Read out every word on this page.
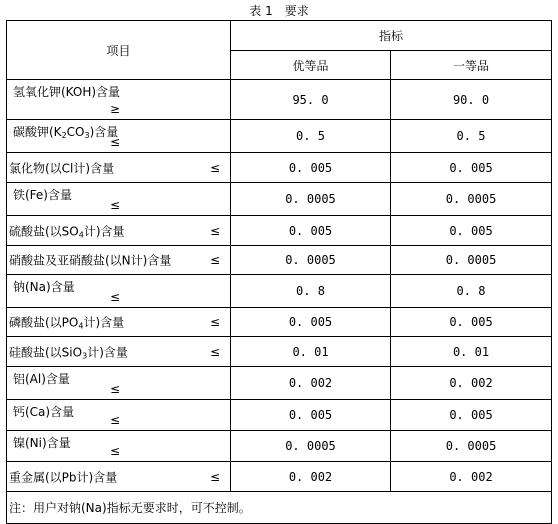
表 1　要求
项目	指标	
	优等品	一等品

氢氧化钾(KOH)含量
≥	95. 0	90. 0

碳酸钾$(K_2CO_3)$含量
≤	0. 5	0. 5

氯化物(以Cl计)含量 ≤	0. 005	0. 005

铁(Fe)含量
≤	0. 0005	0. 0005

硫酸盐(以$SO_4$计)含量 ≤	0. 005	0. 005

硝酸盐及亚硝酸盐(以N计)含量 ≤	0. 0005	0. 0005

钠(Na)含量
≤	0. 8	0. 8

磷酸盐(以$PO_4$计)含量 ≤	0. 005	0. 005

硅酸盐(以SiO$_3$计)含量 ≤	0. 01	0. 01

铝(Al)含量
≤	0. 002	0. 002

钙(Ca)含量
≤	0. 005	0. 005

镍(Ni)含量
≤	0. 0005	0. 0005

重金属(以Pb计)含量 ≤	0. 002	0. 002
注：用户对钠(Na)指标无要求时，可不控制。		
